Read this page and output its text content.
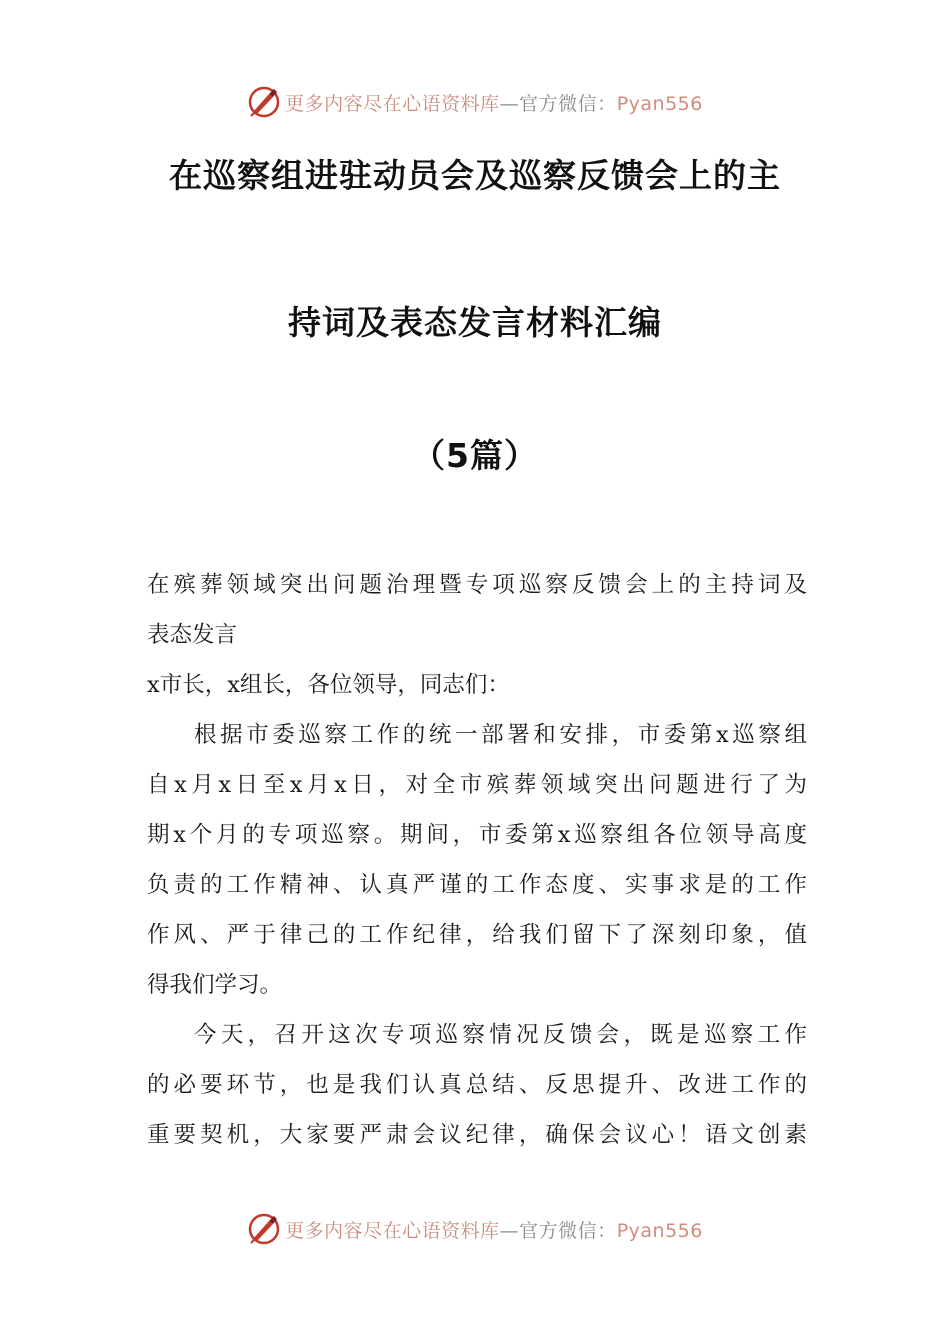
更多内容尽在心语资料库—官方微信：Pyan556
在巡察组进驻动员会及巡察反馈会上的主
持词及表态发言材料汇编
（5篇）
在殡葬领域突出问题治理暨专项巡察反馈会上的主持词及
表态发言
x市长，x组长，各位领导，同志们：
根据市委巡察工作的统一部署和安排，市委第x巡察组
自x月x日至x月x日，对全市殡葬领域突出问题进行了为
期x个月的专项巡察。期间，市委第x巡察组各位领导高度
负责的工作精神、认真严谨的工作态度、实事求是的工作
作风、严于律己的工作纪律，给我们留下了深刻印象，值
得我们学习。
今天，召开这次专项巡察情况反馈会，既是巡察工作
的必要环节，也是我们认真总结、反思提升、改进工作的
重要契机，大家要严肃会议纪律，确保会议心！语文创素
更多内容尽在心语资料库—官方微信：Pyan556
